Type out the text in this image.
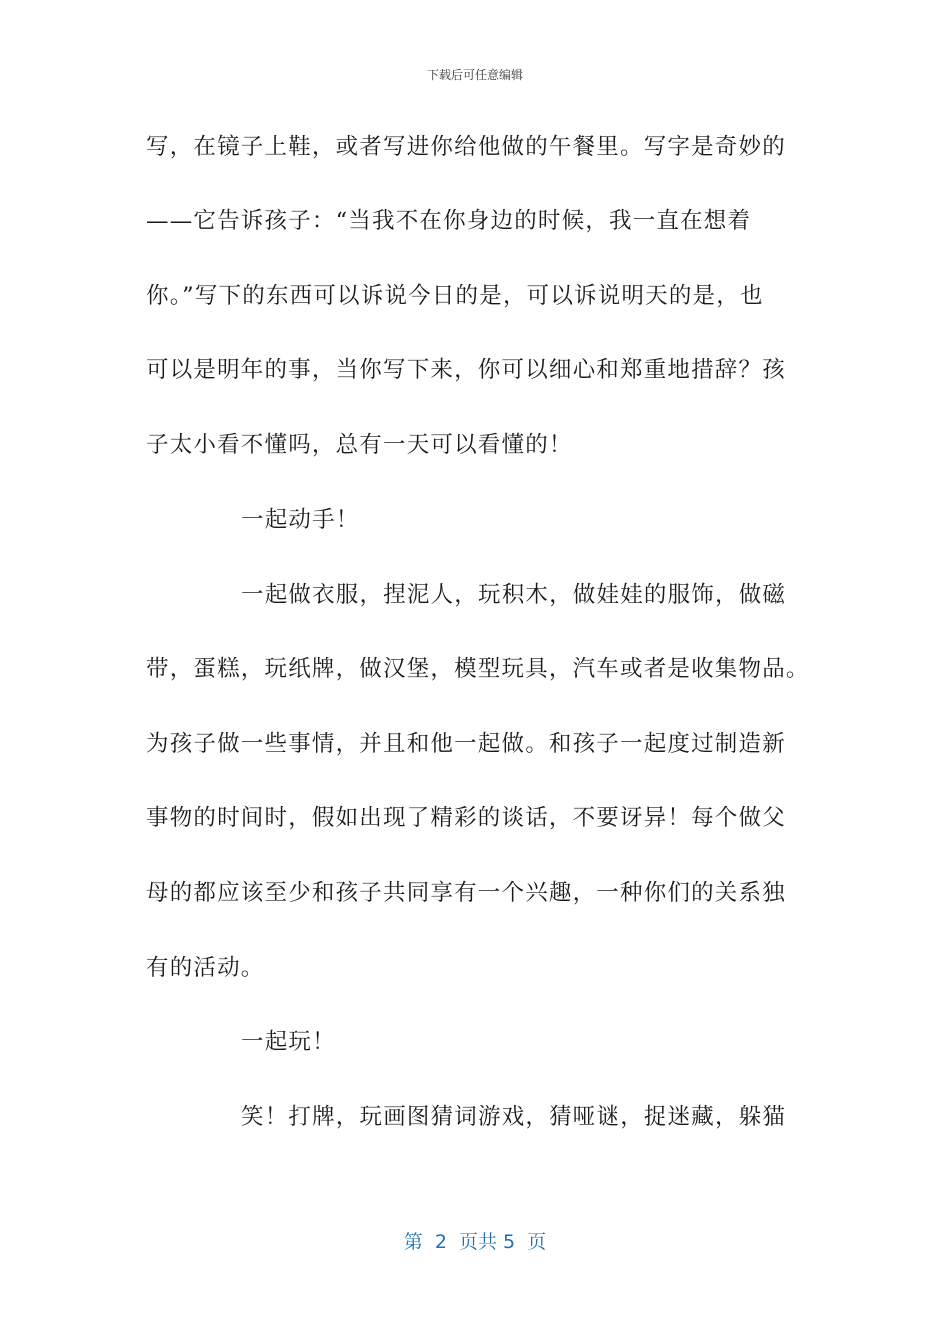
下载后可任意编辑
写，在镜子上鞋，或者写进你给他做的午餐里。写字是奇妙的
——它告诉孩子：“当我不在你身边的时候，我一直在想着
你。”写下的东西可以诉说今日的是，可以诉说明天的是，也
可以是明年的事，当你写下来，你可以细心和郑重地措辞？孩
子太小看不懂吗，总有一天可以看懂的！
一起动手！
一起做衣服，捏泥人，玩积木，做娃娃的服饰，做磁
带，蛋糕，玩纸牌，做汉堡，模型玩具，汽车或者是收集物品。
为孩子做一些事情，并且和他一起做。和孩子一起度过制造新
事物的时间时，假如出现了精彩的谈话，不要讶异！每个做父
母的都应该至少和孩子共同享有一个兴趣，一种你们的关系独
有的活动。
一起玩！
笑！打牌，玩画图猜词游戏，猜哑谜，捉迷藏，躲猫
第  2  页共 5  页
